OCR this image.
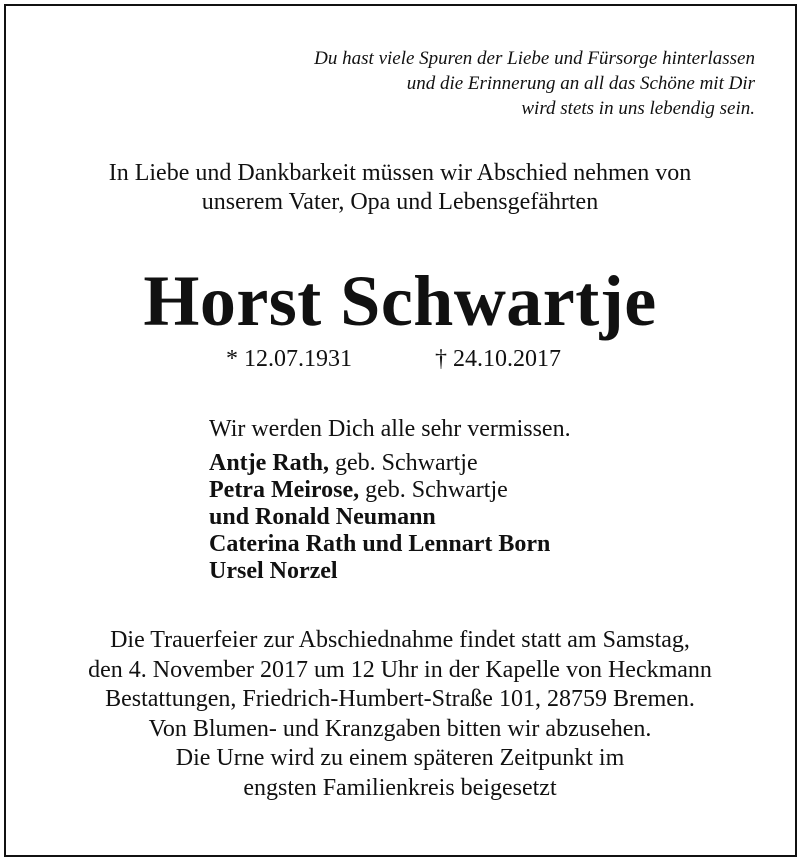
Du hast viele Spuren der Liebe und Fürsorge hinterlassen
und die Erinnerung an all das Schöne mit Dir
wird stets in uns lebendig sein.
In Liebe und Dankbarkeit müssen wir Abschied nehmen von
unserem Vater, Opa und Lebensgefährten
Horst Schwartje
* 12.07.1931	† 24.10.2017
Wir werden Dich alle sehr vermissen.
Antje Rath, geb. Schwartje
Petra Meirose, geb. Schwartje
und Ronald Neumann
Caterina Rath und Lennart Born
Ursel Norzel
Die Trauerfeier zur Abschiednahme findet statt am Samstag,
den 4. November 2017 um 12 Uhr in der Kapelle von Heckmann
Bestattungen, Friedrich-Humbert-Straße 101, 28759 Bremen.
Von Blumen- und Kranzgaben bitten wir abzusehen.
Die Urne wird zu einem späteren Zeitpunkt im
engsten Familienkreis beigesetzt
